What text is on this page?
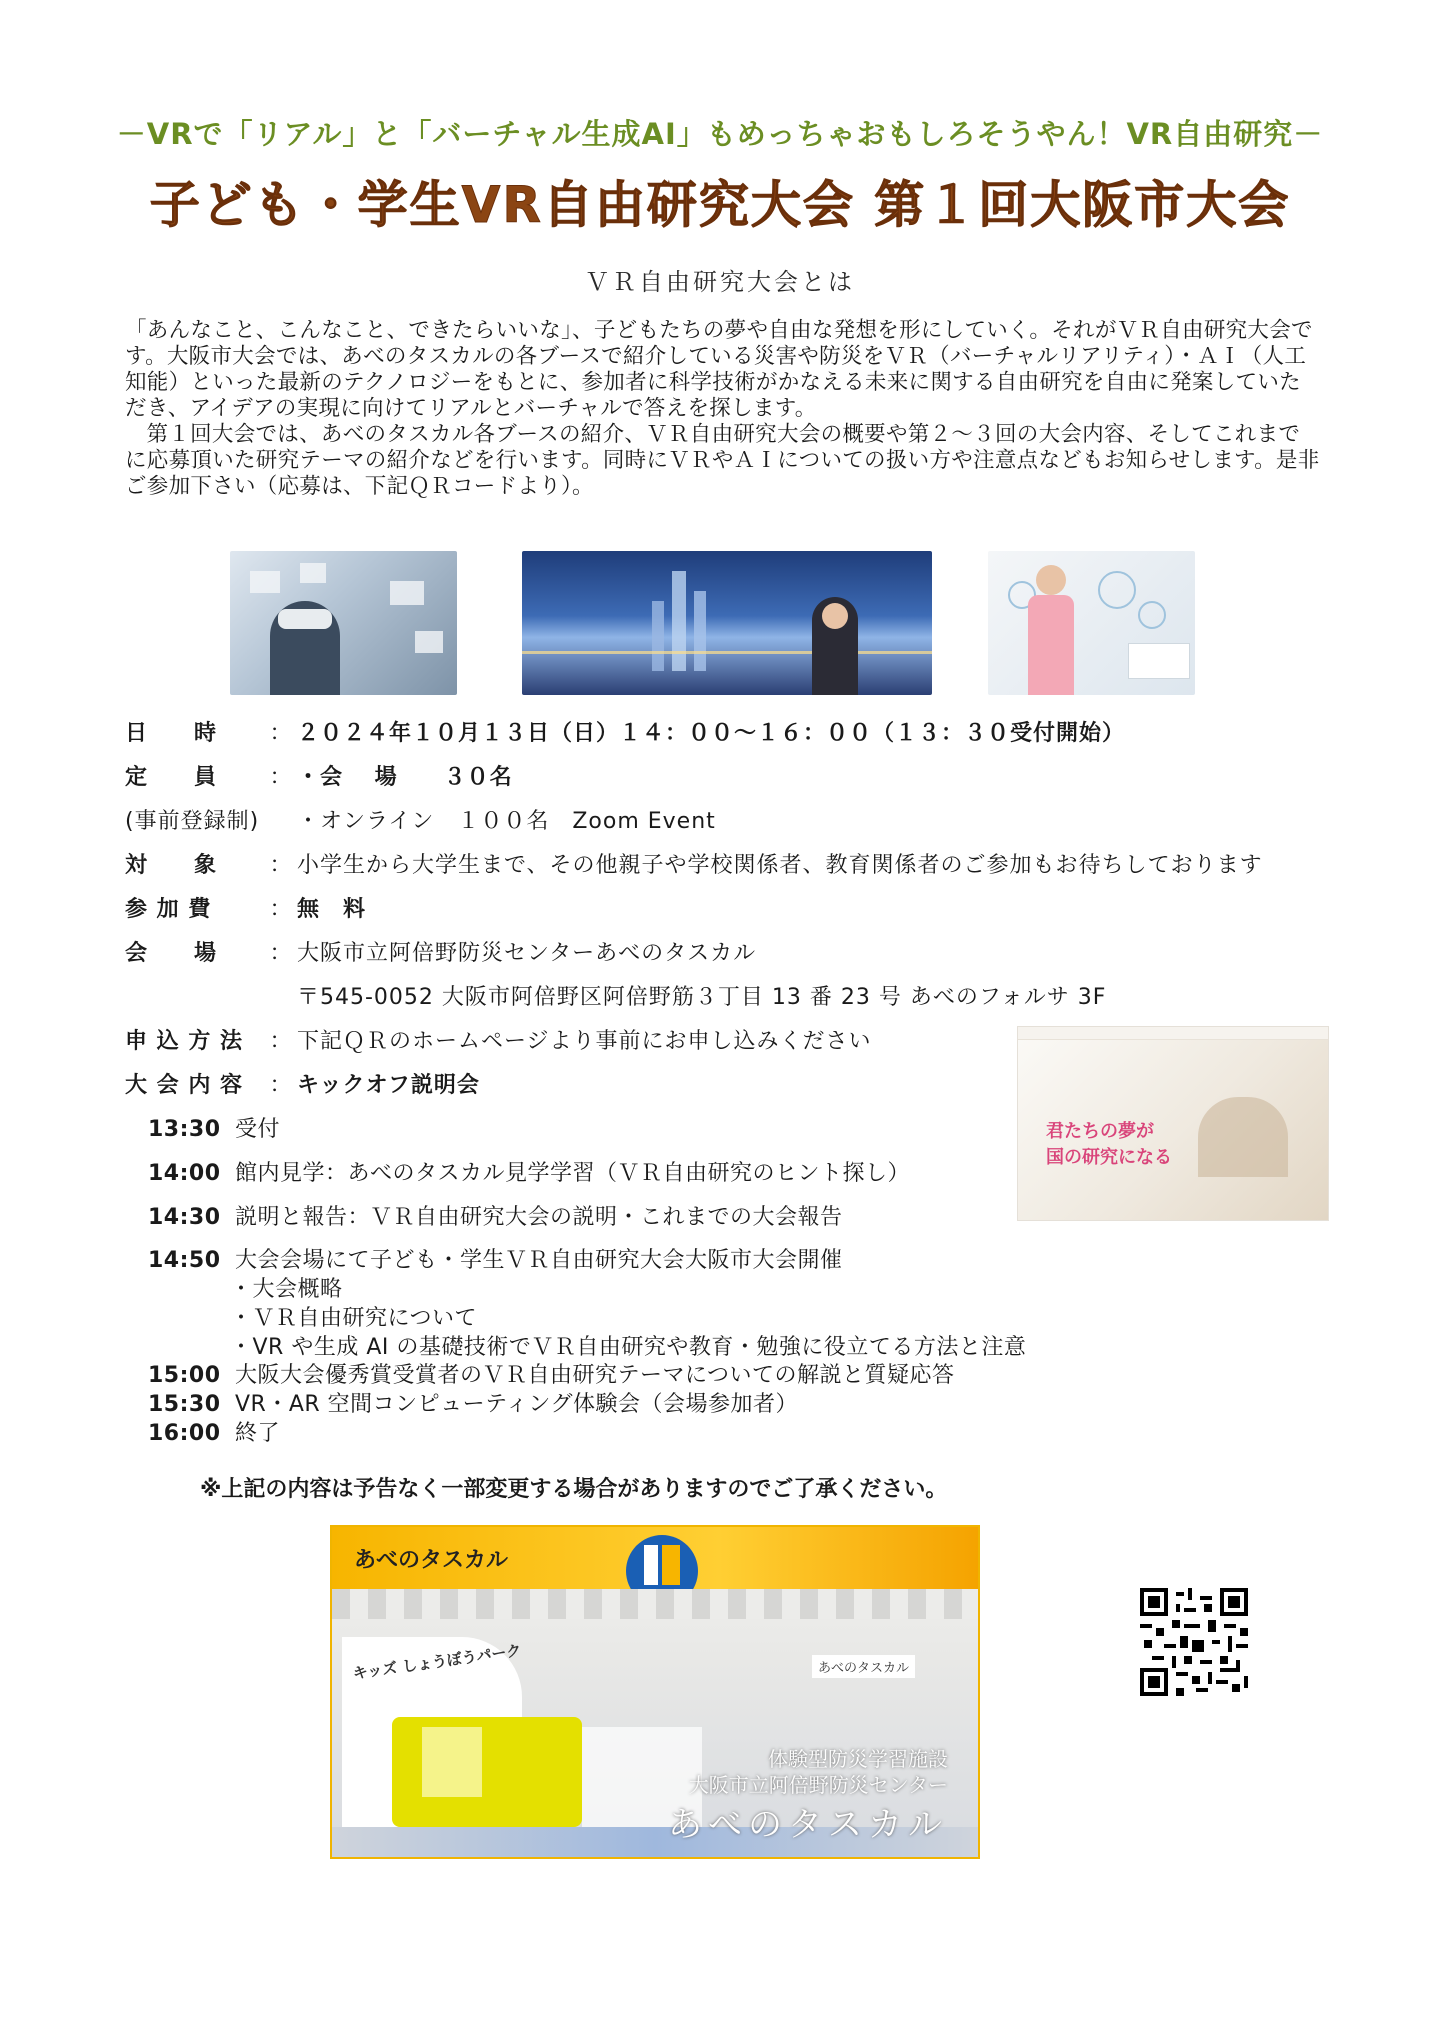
－VRで「リアル」と「バーチャル生成AI」もめっちゃおもしろそうやん！VR自由研究－
子ども・学生VR自由研究大会 第１回大阪市大会
ＶＲ自由研究大会とは

「あんなこと、こんなこと、できたらいいな」、子どもたちの夢や自由な発想を形にしていく。それがＶＲ自由研究大会です。大阪市大会では、あべのタスカルの各ブースで紹介している災害や防災をＶＲ（バーチャルリアリティ）・ＡＩ（人工知能）といった最新のテクノロジーをもとに、参加者に科学技術がかなえる未来に関する自由研究を自由に発案していただき、アイデアの実現に向けてリアルとバーチャルで答えを探します。

第１回大会では、あべのタスカル各ブースの紹介、ＶＲ自由研究大会の概要や第２～３回の大会内容、そしてこれまでに応募頂いた研究テーマの紹介などを行います。同時にＶＲやＡＩについての扱い方や注意点などもお知らせします。是非ご参加下さい（応募は、下記ＱＲコードより）。

日　　時 ： ２０２４年１０月１３日（日）１４：００～１６：００（１３：３０受付開始）
定　　員 ： ・会　 場　　３０名
(事前登録制) ・オンライン　１００名　Zoom Event
対　　象 ： 小学生から大学生まで、その他親子や学校関係者、教育関係者のご参加もお待ちしております
参 加 費	： 無　料
会　　場 ： 大阪市立阿倍野防災センターあべのタスカル
〒545-0052 大阪市阿倍野区阿倍野筋３丁目 13 番 23 号 あべのフォルサ 3F
申 込 方 法 ： 下記ＱＲのホームページより事前にお申し込みください
大 会 内 容 ： キックオフ説明会
13:30 受付
14:00 館内見学：あべのタスカル見学学習（ＶＲ自由研究のヒント探し）
14:30 説明と報告：ＶＲ自由研究大会の説明・これまでの大会報告
14:50 大会会場にて子ども・学生ＶＲ自由研究大会大阪市大会開催
・大会概略
・ＶＲ自由研究について
・VR や生成 AI の基礎技術でＶＲ自由研究や教育・勉強に役立てる方法と注意
15:00 大阪大会優秀賞受賞者のＶＲ自由研究テーマについての解説と質疑応答
15:30 VR・AR 空間コンピューティング体験会（会場参加者）
16:00 終了
君たちの夢が
国の研究になる
※上記の内容は予告なく一部変更する場合がありますのでご了承ください。
あべのタスカル
キッズ しょうぼうパーク	あべのタスカル
体験型防災学習施設
大阪市立阿倍野防災センター
あべのタスカル
